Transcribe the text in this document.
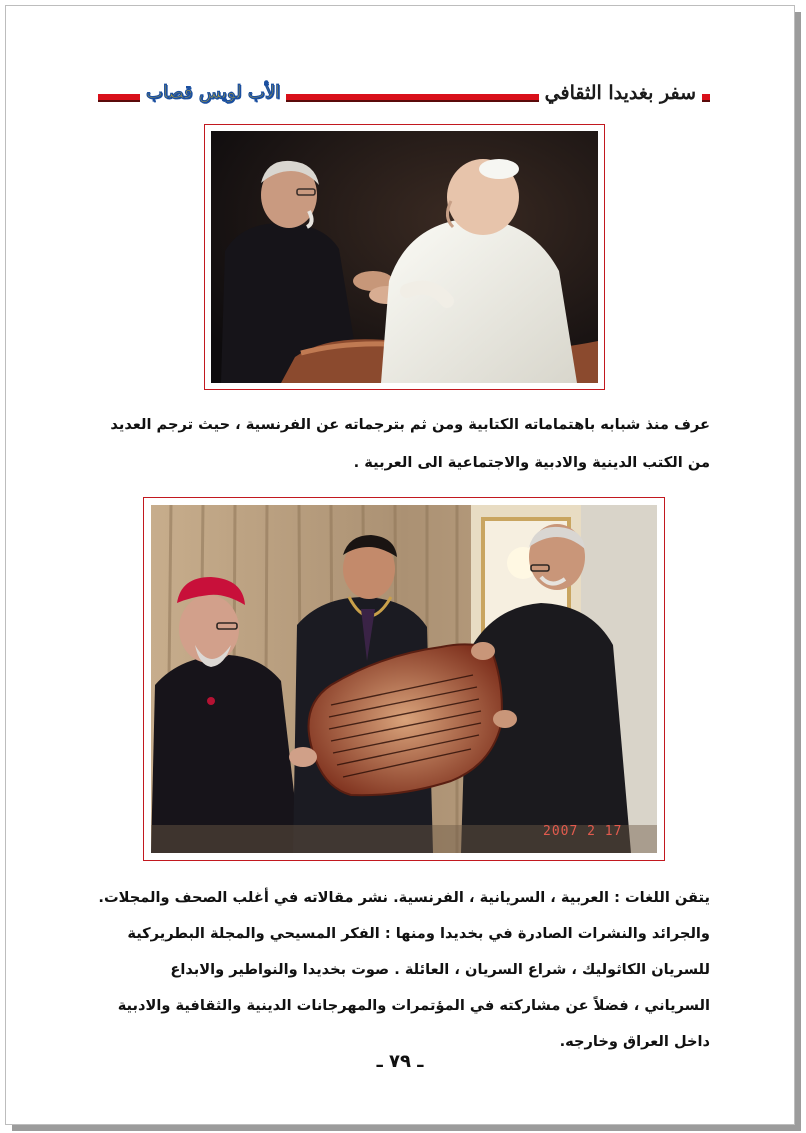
سفر بغديدا الثقافي
الأب لويس قصاب
عرف منذ شبابه باهتماماته الكتابية ومن ثم بترجماته عن الفرنسية ، حيث ترجم العديد
من الكتب الدينية والادبية والاجتماعية الى العربية .
2007 2 17
يتقن اللغات : العربية ، السريانية ، الفرنسية. نشر مقالاته في أغلب الصحف والمجلات.
والجرائد والنشرات الصادرة في بخديدا ومنها : الفكر المسيحي والمجلة البطريركية
للسريان الكاثوليك ، شراع السريان ، العائلة . صوت بخديدا والنواطير والابداع
السرياني ، فضلاً عن مشاركته في المؤتمرات والمهرجانات الدينية والثقافية والادبية
داخل العراق وخارجه.
ـ ٧٩ ـ
